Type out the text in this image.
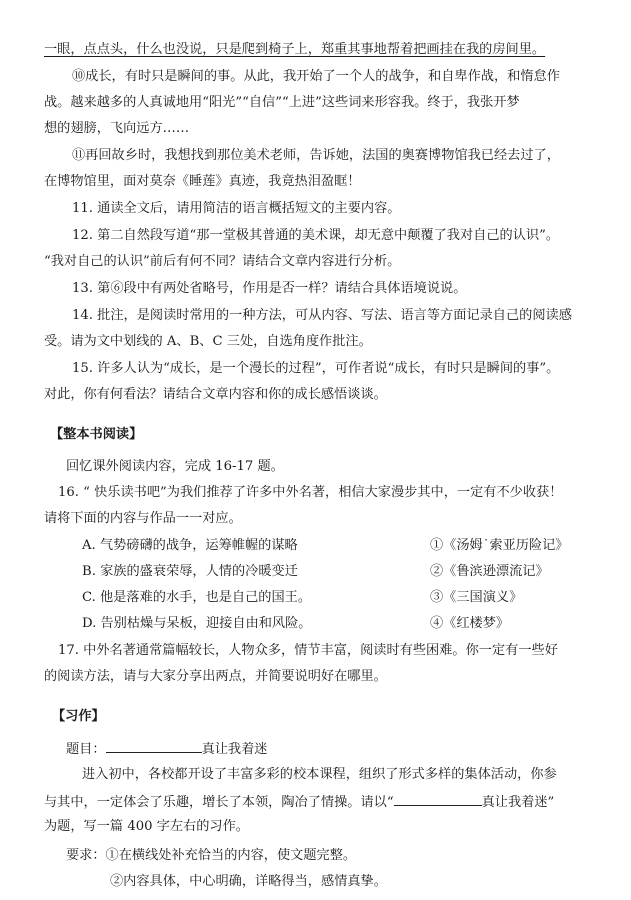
一眼，点点头，什么也没说，只是爬到椅子上，郑重其事地帮着把画挂在我的房间里。
⑩成长，有时只是瞬间的事。从此，我开始了一个人的战争，和自卑作战，和惰怠作
战。越来越多的人真诚地用“阳光”“自信”“上进”这些词来形容我。终于，我张开梦
想的翅膀，飞向远方……
⑪再回故乡时，我想找到那位美术老师，告诉她，法国的奥赛博物馆我已经去过了，
在博物馆里，面对莫奈《睡莲》真迹，我竟热泪盈眶！
11. 通读全文后，请用简洁的语言概括短文的主要内容。
12. 第二自然段写道“那一堂极其普通的美术课，却无意中颠覆了我对自己的认识”。
“我对自己的认识”前后有何不同？请结合文章内容进行分析。
13. 第⑥段中有两处省略号，作用是否一样？请结合具体语境说说。
14. 批注，是阅读时常用的一种方法，可从内容、写法、语言等方面记录自己的阅读感
受。请为文中划线的 A、B、C 三处，自选角度作批注。
15. 许多人认为“成长，是一个漫长的过程”，可作者说“成长，有时只是瞬间的事”。
对此，你有何看法？请结合文章内容和你的成长感悟谈谈。
【整本书阅读】
回忆课外阅读内容，完成 16-17 题。
16. “ 快乐读书吧”为我们推荐了许多中外名著，相信大家漫步其中，一定有不少收获！
请将下面的内容与作品一一对应。
A. 气势磅礴的战争，运筹帷幄的谋略	①《汤姆˙索亚历险记》
B. 家族的盛衰荣辱，人情的冷暖变迁	②《鲁滨逊漂流记》
C. 他是落难的水手，也是自己的国王。	③《三国演义》
D. 告别枯燥与呆板，迎接自由和风险。	④《红楼梦》
17. 中外名著通常篇幅较长，人物众多，情节丰富，阅读时有些困难。你一定有一些好
的阅读方法，请与大家分享出两点，并简要说明好在哪里。
【习作】
题目：	真让我着迷
进入初中，各校都开设了丰富多彩的校本课程，组织了形式多样的集体活动，你参
与其中，一定体会了乐趣，增长了本领，陶冶了情操。请以“	真让我着迷”
为题，写一篇 400 字左右的习作。
要求：①在横线处补充恰当的内容，使文题完整。
②内容具体，中心明确，详略得当，感情真挚。
